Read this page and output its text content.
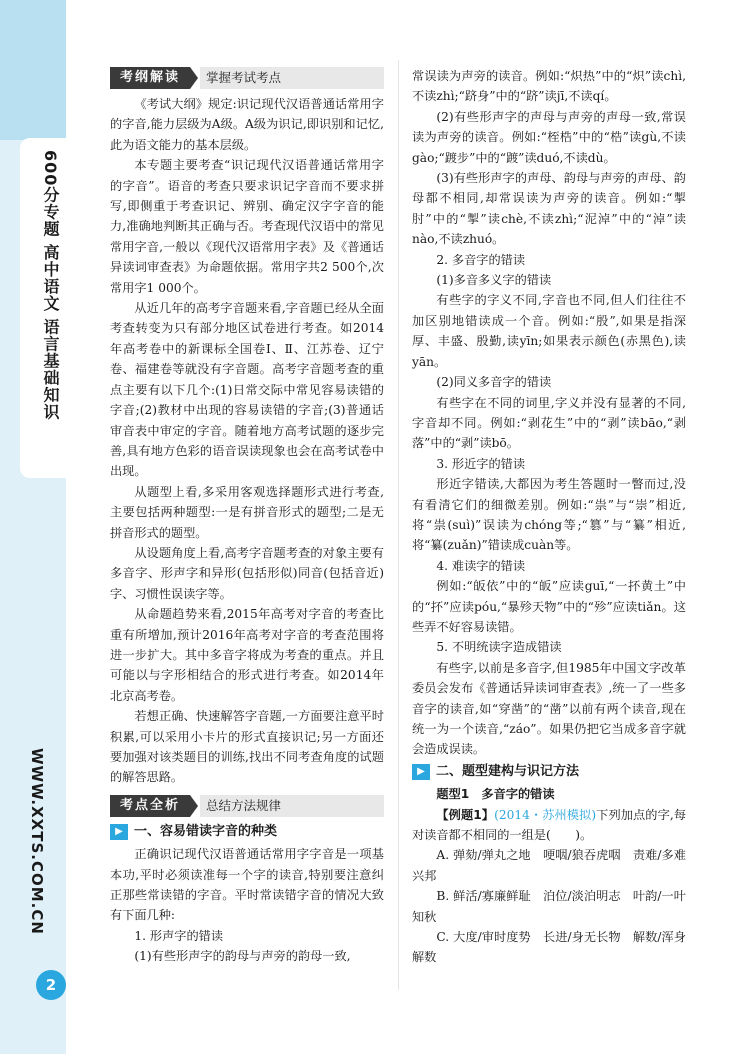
600分专题 高中语文 语言基础知识
WWW.XXTS.COM.CN
2
考纲解读	掌握考试考点

《考试大纲》规定:识记现代汉语普通话常用字的字音,能力层级为A级。A级为识记,即识别和记忆,此为语文能力的基本层级。

本专题主要考查“识记现代汉语普通话常用字的字音”。语音的考查只要求识记字音而不要求拼写,即侧重于考查识记、辨别、确定汉字字音的能力,准确地判断其正确与否。考查现代汉语中的常见常用字音,一般以《现代汉语常用字表》及《普通话异读词审查表》为命题依据。常用字共2 500个,次常用字1 000个。

从近几年的高考字音题来看,字音题已经从全面考查转变为只有部分地区试卷进行考查。如2014年高考卷中的新课标全国卷Ⅰ、Ⅱ、江苏卷、辽宁卷、福建卷等就没有字音题。高考字音题考查的重点主要有以下几个:(1)日常交际中常见容易读错的字音;(2)教材中出现的容易读错的字音;(3)普通话审音表中审定的字音。随着地方高考试题的逐步完善,具有地方色彩的语音误读现象也会在高考试卷中出现。

从题型上看,多采用客观选择题形式进行考查,主要包括两种题型:一是有拼音形式的题型;二是无拼音形式的题型。

从设题角度上看,高考字音题考查的对象主要有多音字、形声字和异形(包括形似)同音(包括音近)字、习惯性误读字等。

从命题趋势来看,2015年高考对字音的考查比重有所增加,预计2016年高考对字音的考查范围将进一步扩大。其中多音字将成为考查的重点。并且可能以与字形相结合的形式进行考查。如2014年北京高考卷。

若想正确、快速解答字音题,一方面要注意平时积累,可以采用小卡片的形式直接识记;另一方面还要加强对该类题目的训练,找出不同考查角度的试题的解答思路。

考点全析	总结方法规律
▶ 一、容易错读字音的种类

正确识记现代汉语普通话常用字字音是一项基本功,平时必须读准每一个字的读音,特别要注意纠正那些常读错的字音。平时常读错字音的情况大致有下面几种:

1. 形声字的错读

(1)有些形声字的韵母与声旁的韵母一致,

常误读为声旁的读音。例如:“炽热”中的“炽”读chì,不读zhì;“跻身”中的“跻”读jī,不读qí。

(2)有些形声字的声母与声旁的声母一致,常误读为声旁的读音。例如:“桎梏”中的“梏”读gù,不读gào;“踱步”中的“踱”读duó,不读dù。

(3)有些形声字的声母、韵母与声旁的声母、韵母都不相同,却常误读为声旁的读音。例如:“掣肘”中的“掣”读chè,不读zhì;“泥淖”中的“淖”读nào,不读zhuó。

2. 多音字的错读

(1)多音多义字的错读

有些字的字义不同,字音也不同,但人们往往不加区别地错读成一个音。例如:“殷”,如果是指深厚、丰盛、殷勤,读yīn;如果表示颜色(赤黑色),读yān。

(2)同义多音字的错读

有些字在不同的词里,字义并没有显著的不同,字音却不同。例如:“剥花生”中的“剥”读bāo,“剥落”中的“剥”读bō。

3. 形近字的错读

形近字错读,大都因为考生答题时一瞥而过,没有看清它们的细微差别。例如:“祟”与“崇”相近,将“祟(suì)”误读为chóng等;“篡”与“纂”相近,将“纂(zuǎn)”错读成cuàn等。

4. 难读字的错读

例如:“皈依”中的“皈”应读guī,“一抔黄土”中的“抔”应读póu,“暴殄天物”中的“殄”应读tiǎn。这些弄不好容易读错。

5. 不明统读字造成错读

有些字,以前是多音字,但1985年中国文字改革委员会发布《普通话异读词审查表》,统一了一些多音字的读音,如“穿凿”的“凿”以前有两个读音,现在统一为一个读音,“záo”。如果仍把它当成多音字就会造成误读。

▶ 二、题型建构与识记方法

题型1　多音字的错读

【例题1】(2014・苏州模拟)下列加点的字,每对读音都不相同的一组是(　　)。

A. 弹劾/弹丸之地　哽咽/狼吞虎咽　责难/多难兴邦

B. 鲜活/寡廉鲜耻　泊位/淡泊明志　叶韵/一叶知秋

C. 大度/审时度势　长进/身无长物　解数/浑身解数
